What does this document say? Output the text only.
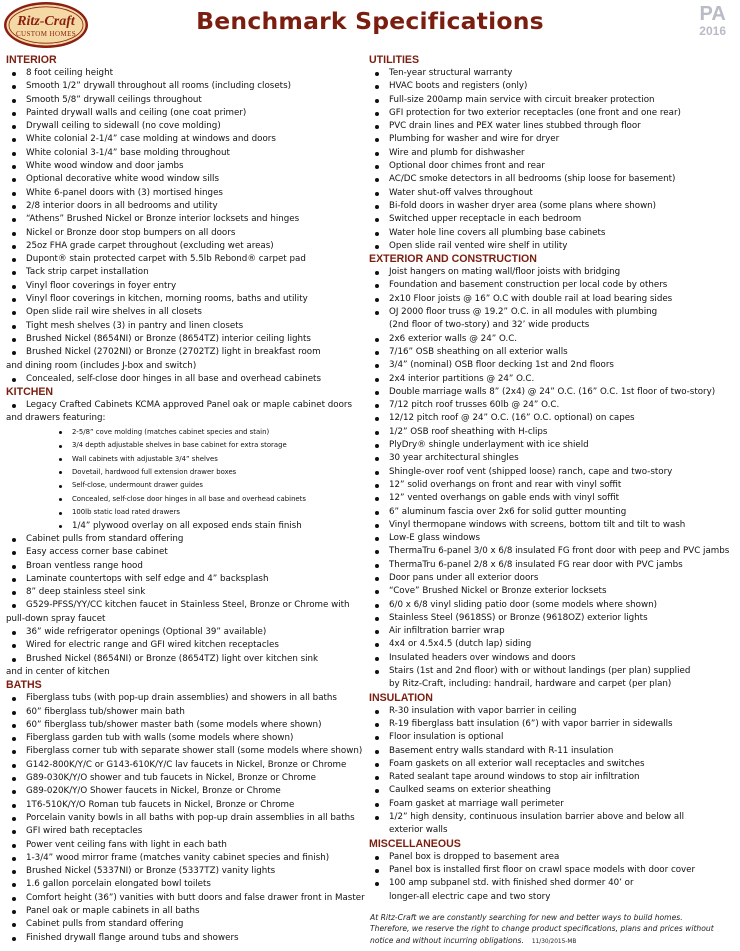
Ritz-Craft
CUSTOM HOMES	Benchmark Specifications	PA
2016
INTERIOR
8 foot ceiling height
Smooth 1/2” drywall throughout all rooms (including closets)
Smooth 5/8” drywall ceilings throughout
Painted drywall walls and ceiling (one coat primer)
Drywall ceiling to sidewall (no cove molding)
White colonial 2-1/4” case molding at windows and doors
White colonial 3-1/4” base molding throughout
White wood window and door jambs
Optional decorative white wood window sills
White 6-panel doors with (3) mortised hinges
2/8 interior doors in all bedrooms and utility
“Athens” Brushed Nickel or Bronze interior locksets and hinges
Nickel or Bronze door stop bumpers on all doors
25oz FHA grade carpet throughout (excluding wet areas)
Dupont® stain protected carpet with 5.5lb Rebond® carpet pad
Tack strip carpet installation
Vinyl floor coverings in foyer entry
Vinyl floor coverings in kitchen, morning rooms, baths and utility
Open slide rail wire shelves in all closets
Tight mesh shelves (3) in pantry and linen closets
Brushed Nickel (8654NI) or Bronze (8654TZ) interior ceiling lights
Brushed Nickel (2702NI) or Bronze (2702TZ) light in breakfast room
and dining room (includes J-box and switch)
Concealed, self-close door hinges in all base and overhead cabinets
KITCHEN
Legacy Crafted Cabinets KCMA approved Panel oak or maple cabinet doors
and drawers featuring:
2-5/8” cove molding (matches cabinet species and stain)
3/4 depth adjustable shelves in base cabinet for extra storage
Wall cabinets with adjustable 3/4” shelves
Dovetail, hardwood full extension drawer boxes
Self-close, undermount drawer guides
Concealed, self-close door hinges in all base and overhead cabinets
100lb static load rated drawers
1/4” plywood overlay on all exposed ends stain finish
Cabinet pulls from standard offering
Easy access corner base cabinet
Broan ventless range hood
Laminate countertops with self edge and 4” backsplash
8” deep stainless steel sink
G529-PFSS/YY/CC kitchen faucet in Stainless Steel, Bronze or Chrome with
pull-down spray faucet
36” wide refrigerator openings (Optional 39” available)
Wired for electric range and GFI wired kitchen receptacles
Brushed Nickel (8654NI) or Bronze (8654TZ) light over kitchen sink
and in center of kitchen
BATHS
Fiberglass tubs (with pop-up drain assemblies) and showers in all baths
60” fiberglass tub/shower main bath
60” fiberglass tub/shower master bath (some models where shown)
Fiberglass garden tub with walls (some models where shown)
Fiberglass corner tub with separate shower stall (some models where shown)
G142-800K/Y/C or G143-610K/Y/C lav faucets in Nickel, Bronze or Chrome
G89-030K/Y/O shower and tub faucets in Nickel, Bronze or Chrome
G89-020K/Y/O Shower faucets in Nickel, Bronze or Chrome
1T6-510K/Y/O Roman tub faucets in Nickel, Bronze or Chrome
Porcelain vanity bowls in all baths with pop-up drain assemblies in all baths
GFI wired bath receptacles
Power vent ceiling fans with light in each bath
1-3/4” wood mirror frame (matches vanity cabinet species and finish)
Brushed Nickel (5337NI) or Bronze (5337TZ) vanity lights
1.6 gallon porcelain elongated bowl toilets
Comfort height (36”) vanities with butt doors and false drawer front in Master
Panel oak or maple cabinets in all baths
Cabinet pulls from standard offering
Finished drywall flange around tubs and showers
UTILITIES
Ten-year structural warranty
HVAC boots and registers (only)
Full-size 200amp main service with circuit breaker protection
GFI protection for two exterior receptacles (one front and one rear)
PVC drain lines and PEX water lines stubbed through floor
Plumbing for washer and wire for dryer
Wire and plumb for dishwasher
Optional door chimes front and rear
AC/DC smoke detectors in all bedrooms (ship loose for basement)
Water shut-off valves throughout
Bi-fold doors in washer dryer area (some plans where shown)
Switched upper receptacle in each bedroom
Water hole line covers all plumbing base cabinets
Open slide rail vented wire shelf in utility
EXTERIOR AND CONSTRUCTION
Joist hangers on mating wall/floor joists with bridging
Foundation and basement construction per local code by others
2x10 Floor joists @ 16” O.C with double rail at load bearing sides
OJ 2000 floor truss @ 19.2” O.C. in all modules with plumbing
(2nd floor of two-story) and 32’ wide products
2x6 exterior walls @ 24” O.C.
7/16” OSB sheathing on all exterior walls
3/4” (nominal) OSB floor decking 1st and 2nd floors
2x4 interior partitions @ 24” O.C.
Double marriage walls 8” (2x4) @ 24” O.C. (16” O.C. 1st floor of two-story)
7/12 pitch roof trusses 60lb @ 24” O.C.
12/12 pitch roof @ 24” O.C. (16” O.C. optional) on capes
1/2” OSB roof sheathing with H-clips
PlyDry® shingle underlayment with ice shield
30 year architectural shingles
Shingle-over roof vent (shipped loose) ranch, cape and two-story
12” solid overhangs on front and rear with vinyl soffit
12” vented overhangs on gable ends with vinyl soffit
6” aluminum fascia over 2x6 for solid gutter mounting
Vinyl thermopane windows with screens, bottom tilt and tilt to wash
Low-E glass windows
ThermaTru 6-panel 3/0 x 6/8 insulated FG front door with peep and PVC jambs
ThermaTru 6-panel 2/8 x 6/8 insulated FG rear door with PVC jambs
Door pans under all exterior doors
“Cove” Brushed Nickel or Bronze exterior locksets
6/0 x 6/8 vinyl sliding patio door (some models where shown)
Stainless Steel (9618SS) or Bronze (9618OZ) exterior lights
Air infiltration barrier wrap
4x4 or 4.5x4.5 (dutch lap) siding
Insulated headers over windows and doors
Stairs (1st and 2nd floor) with or without landings (per plan) supplied
by Ritz-Craft, including: handrail, hardware and carpet (per plan)
INSULATION
R-30 insulation with vapor barrier in ceiling
R-19 fiberglass batt insulation (6”) with vapor barrier in sidewalls
Floor insulation is optional
Basement entry walls standard with R-11 insulation
Foam gaskets on all exterior wall receptacles and switches
Rated sealant tape around windows to stop air infiltration
Caulked seams on exterior sheathing
Foam gasket at marriage wall perimeter
1/2” high density, continuous insulation barrier above and below all
exterior walls
MISCELLANEOUS
Panel box is dropped to basement area
Panel box is installed first floor on crawl space models with door cover
100 amp subpanel std. with finished shed dormer 40’ or
longer-all electric cape and two story
At Ritz-Craft we are constantly searching for new and better ways to build homes.
Therefore, we reserve the right to change product specifications, plans and prices without
notice and without incurring obligations. 11/30/2015-MB
